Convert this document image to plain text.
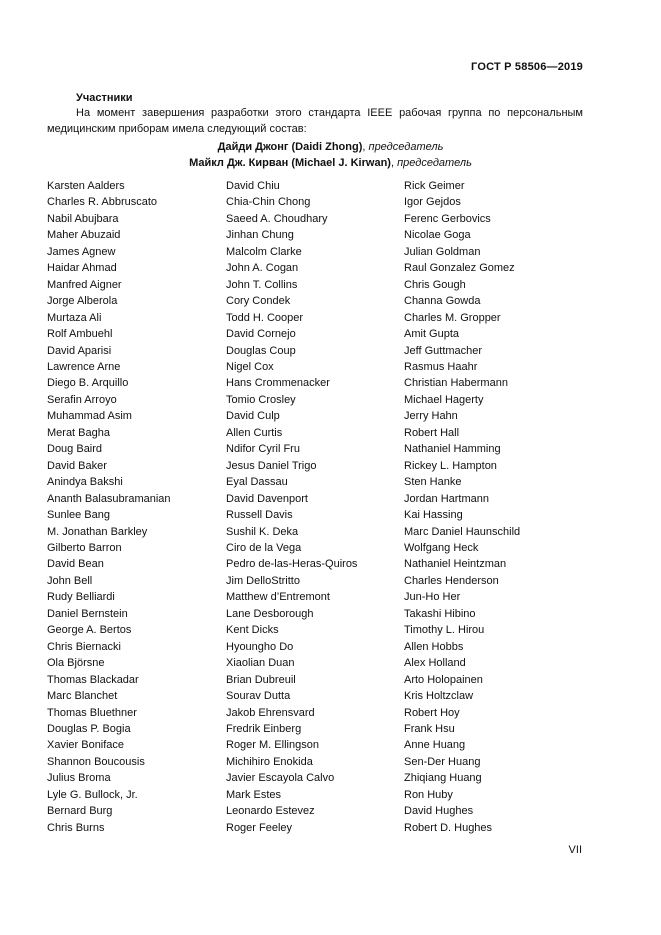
ГОСТ Р 58506—2019
Участники
На момент завершения разработки этого стандарта IEEE рабочая группа по персональным медицинским приборам имела следующий состав:
Дайди Джонг (Daidi Zhong), председатель
Майкл Дж. Кирван (Michael J. Kirwan), председатель
Karsten Aalders
Charles R. Abbruscato
Nabil Abujbara
Maher Abuzaid
James Agnew
Haidar Ahmad
Manfred Aigner
Jorge Alberola
Murtaza Ali
Rolf Ambuehl
David Aparisi
Lawrence Arne
Diego B. Arquillo
Serafin Arroyo
Muhammad Asim
Merat Bagha
Doug Baird
David Baker
Anindya Bakshi
Ananth Balasubramanian
Sunlee Bang
M. Jonathan Barkley
Gilberto Barron
David Bean
John Bell
Rudy Belliardi
Daniel Bernstein
George A. Bertos
Chris Biernacki
Ola Björsne
Thomas Blackadar
Marc Blanchet
Thomas Bluethner
Douglas P. Bogia
Xavier Boniface
Shannon Boucousis
Julius Broma
Lyle G. Bullock, Jr.
Bernard Burg
Chris Burns
David Chiu
Chia-Chin Chong
Saeed A. Choudhary
Jinhan Chung
Malcolm Clarke
John A. Cogan
John T. Collins
Cory Condek
Todd H. Cooper
David Cornejo
Douglas Coup
Nigel Cox
Hans Crommenacker
Tomio Crosley
David Culp
Allen Curtis
Ndifor Cyril Fru
Jesus Daniel Trigo
Eyal Dassau
David Davenport
Russell Davis
Sushil K. Deka
Ciro de la Vega
Pedro de-las-Heras-Quiros
Jim DelloStritto
Matthew d’Entremont
Lane Desborough
Kent Dicks
Hyoungho Do
Xiaolian Duan
Brian Dubreuil
Sourav Dutta
Jakob Ehrensvard
Fredrik Einberg
Roger M. Ellingson
Michihiro Enokida
Javier Escayola Calvo
Mark Estes
Leonardo Estevez
Roger Feeley
Rick Geimer
Igor Gejdos
Ferenc Gerbovics
Nicolae Goga
Julian Goldman
Raul Gonzalez Gomez
Chris Gough
Channa Gowda
Charles M. Gropper
Amit Gupta
Jeff Guttmacher
Rasmus Haahr
Christian Habermann
Michael Hagerty
Jerry Hahn
Robert Hall
Nathaniel Hamming
Rickey L. Hampton
Sten Hanke
Jordan Hartmann
Kai Hassing
Marc Daniel Haunschild
Wolfgang Heck
Nathaniel Heintzman
Charles Henderson
Jun-Ho Her
Takashi Hibino
Timothy L. Hirou
Allen Hobbs
Alex Holland
Arto Holopainen
Kris Holtzclaw
Robert Hoy
Frank Hsu
Anne Huang
Sen-Der Huang
Zhiqiang Huang
Ron Huby
David Hughes
Robert D. Hughes
VII
